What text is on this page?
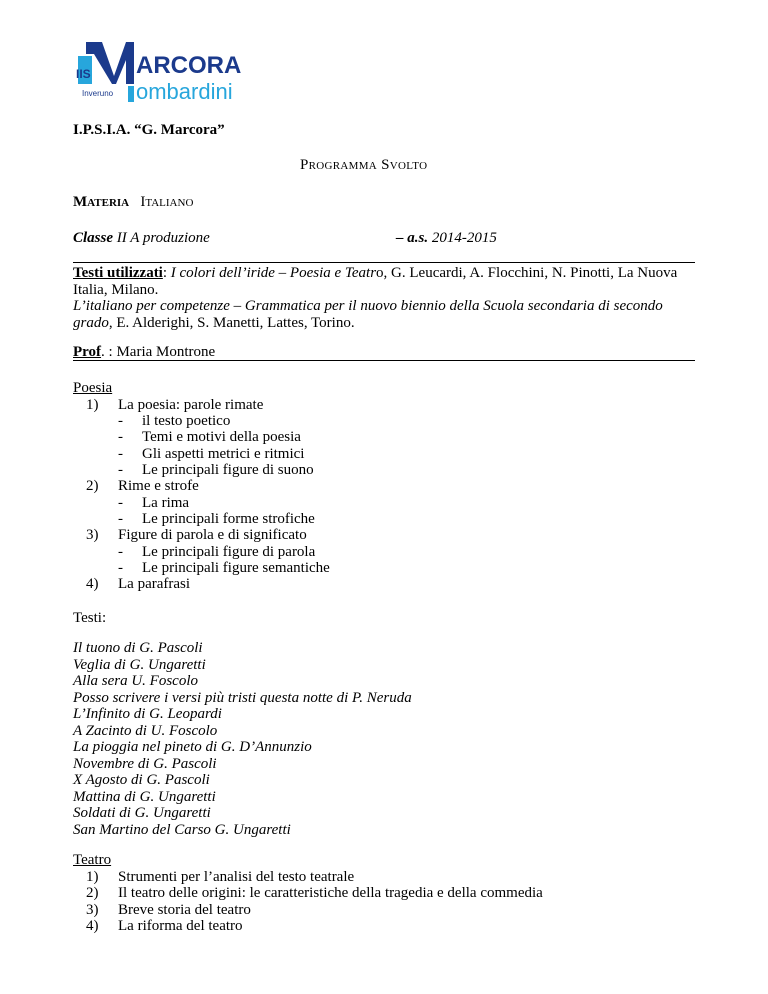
IIS ARCORA
ombardini
Inveruno
I.P.S.I.A. “G. Marcora”
Programma Svolto
Materia Italiano
Classe II A produzione	– a.s. 2014-2015
Testi utilizzati: I colori dell’iride – Poesia e Teatro, G. Leucardi, A. Flocchini, N. Pinotti, La Nuova Italia, Milano.
L’italiano per competenze – Grammatica per il nuovo biennio della Scuola secondaria di secondo grado, E. Alderighi, S. Manetti, Lattes, Torino.
Prof. : Maria Montrone
Poesia
1) La poesia: parole rimate
- il testo poetico
- Temi e motivi della poesia
- Gli aspetti metrici e ritmici
- Le principali figure di suono
2) Rime e strofe
- La rima
- Le principali forme strofiche
3) Figure di parola e di significato
- Le principali figure di parola
- Le principali figure semantiche
4) La parafrasi
Testi:
Il tuono di G. Pascoli
Veglia di G. Ungaretti
Alla sera U. Foscolo
Posso scrivere i versi più tristi questa notte di P. Neruda
L’Infinito di G. Leopardi
A Zacinto di U. Foscolo
La pioggia nel pineto di G. D’Annunzio
Novembre di G. Pascoli
X Agosto di G. Pascoli
Mattina di G. Ungaretti
Soldati di G. Ungaretti
San Martino del Carso G. Ungaretti
Teatro
1) Strumenti per l’analisi del testo teatrale
2) Il teatro delle origini: le caratteristiche della tragedia e della commedia
3) Breve storia del teatro
4) La riforma del teatro
